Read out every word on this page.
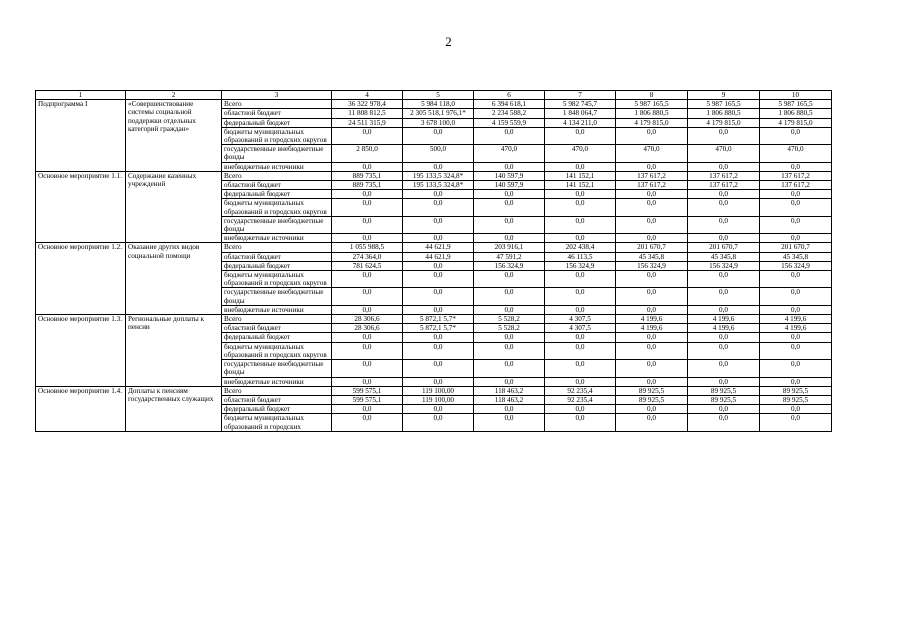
2
1	2	3	4	5	6	7	8	9	10
Подпрограмма I	«Совершенствование системы социальной поддержки отдельных категорий граждан»	Всего	36 322 978,4	5 984 118,0	6 394 618,1	5 982 745,7	5 987 165,5	5 987 165,5	5 987 165,5
		областной бюджет	11 808 812,5	2 305 518,1 976,1*	2 234 588,2	1 848 064,7	1 806 880,5	1 806 880,5	1 806 880,5
		федеральный бюджет	24 511 315,9	3 678 100,0	4 159 559,9	4 134 211,0	4 179 815,0	4 179 815,0	4 179 815,0
		бюджеты муниципальных образований и городских округов	0,0	0,0	0,0	0,0	0,0	0,0	0,0
		государственные внебюджетные фонды	2 850,0	500,0	470,0	470,0	470,0	470,0	470,0
		внебюджетные источники	0,0	0,0	0,0	0,0	0,0	0,0	0,0
Основное мероприятие 1.1.	Содержание казенных учреждений	Всего	889 735,1	195 133,5 324,8*	140 597,9	141 152,1	137 617,2	137 617,2	137 617,2
		областной бюджет	889 735,1	195 133,5 324,8*	140 597,9	141 152,1	137 617,2	137 617,2	137 617,2
		федеральный бюджет	0,0	0,0	0,0	0,0	0,0	0,0	0,0
		бюджеты муниципальных образований и городских округов	0,0	0,0	0,0	0,0	0,0	0,0	0,0
		государственные внебюджетные фонды	0,0	0,0	0,0	0,0	0,0	0,0	0,0
		внебюджетные источники	0,0	0,0	0,0	0,0	0,0	0,0	0,0
Основное мероприятие 1.2.	Оказание других видов социальной помощи	Всего	1 055 988,5	44 621,9	203 916,1	202 438,4	201 670,7	201 670,7	201 670,7
		областной бюджет	274 364,0	44 621,9	47 591,2	46 113,5	45 345,8	45 345,8	45 345,8
		федеральный бюджет	781 624,5	0,0	156 324,9	156 324,9	156 324,9	156 324,9	156 324,9
		бюджеты муниципальных образований и городских округов	0,0	0,0	0,0	0,0	0,0	0,0	0,0
		государственные внебюджетные фонды	0,0	0,0	0,0	0,0	0,0	0,0	0,0
		внебюджетные источники	0,0	0,0	0,0	0,0	0,0	0,0	0,0
Основное мероприятие 1.3.	Региональные доплаты к пенсии	Всего	28 306,6	5 872,1 5,7*	5 528,2	4 307,5	4 199,6	4 199,6	4 199,6
		областной бюджет	28 306,6	5 872,1 5,7*	5 528,2	4 307,5	4 199,6	4 199,6	4 199,6
		федеральный бюджет	0,0	0,0	0,0	0,0	0,0	0,0	0,0
		бюджеты муниципальных образований и городских округов	0,0	0,0	0,0	0,0	0,0	0,0	0,0
		государственные внебюджетные фонды	0,0	0,0	0,0	0,0	0,0	0,0	0,0
		внебюджетные источники	0,0	0,0	0,0	0,0	0,0	0,0	0,0
Основное мероприятие 1.4.	Доплаты к пенсиям государственных служащих	Всего	599 575,1	119 100,00	118 463,2	92 235,4	89 925,5	89 925,5	89 925,5
		областной бюджет	599 575,1	119 100,00	118 463,2	92 235,4	89 925,5	89 925,5	89 925,5
		федеральный бюджет	0,0	0,0	0,0	0,0	0,0	0,0	0,0
		бюджеты муниципальных образований и городских	0,0	0,0	0,0	0,0	0,0	0,0	0,0
